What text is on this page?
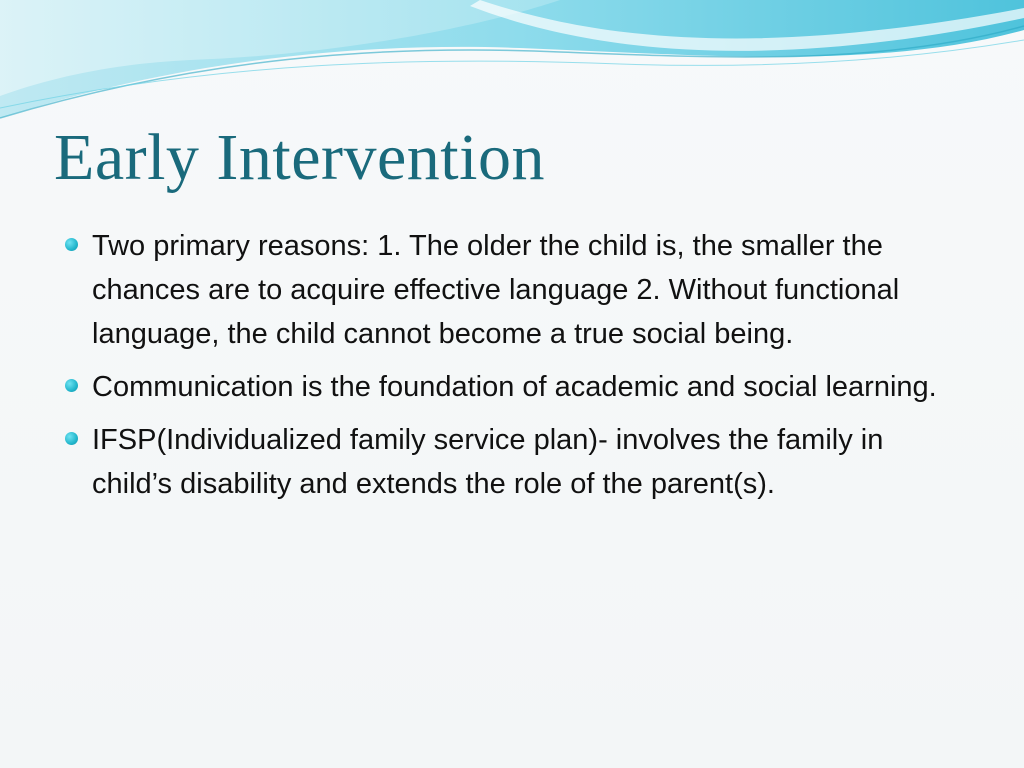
Early Intervention
Two primary reasons: 1. The older the child is, the smaller the chances are to acquire effective language 2. Without functional language, the child cannot become a true social being.
Communication is the foundation of academic and social learning.
IFSP(Individualized family service plan)- involves the family in child’s disability and extends the role of the parent(s).
